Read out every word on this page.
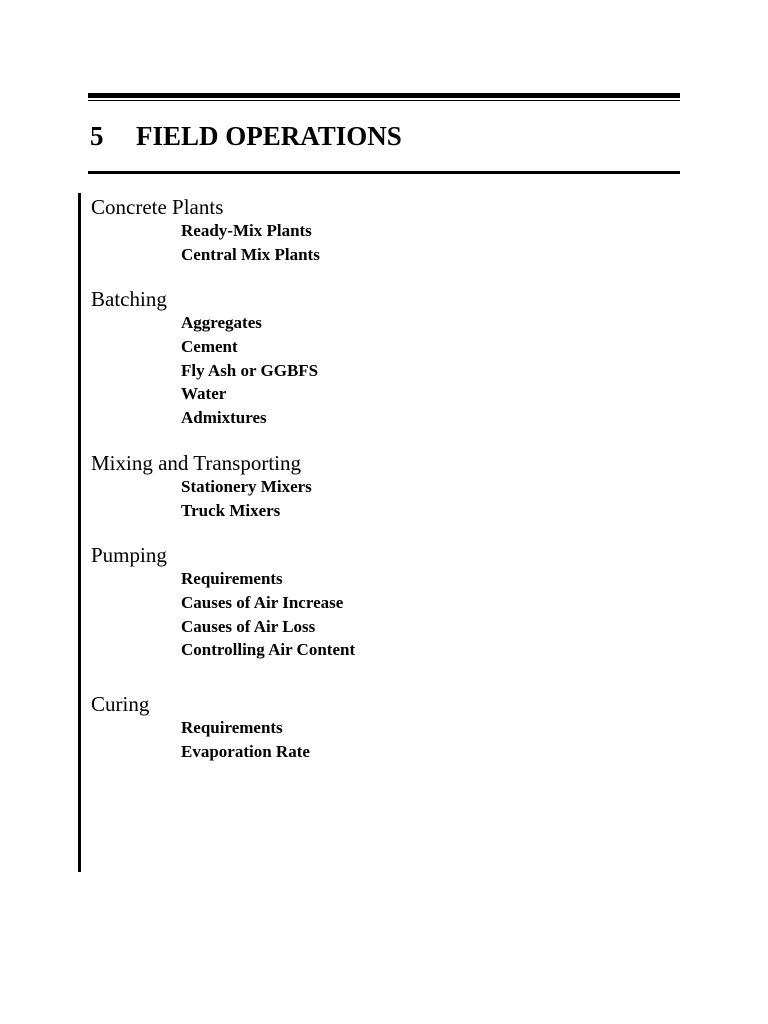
5 FIELD OPERATIONS
Concrete Plants
Ready-Mix Plants
Central Mix Plants
Batching
Aggregates
Cement
Fly Ash or GGBFS
Water
Admixtures
Mixing and Transporting
Stationery Mixers
Truck Mixers
Pumping
Requirements
Causes of Air Increase
Causes of Air Loss
Controlling Air Content
Curing
Requirements
Evaporation Rate
